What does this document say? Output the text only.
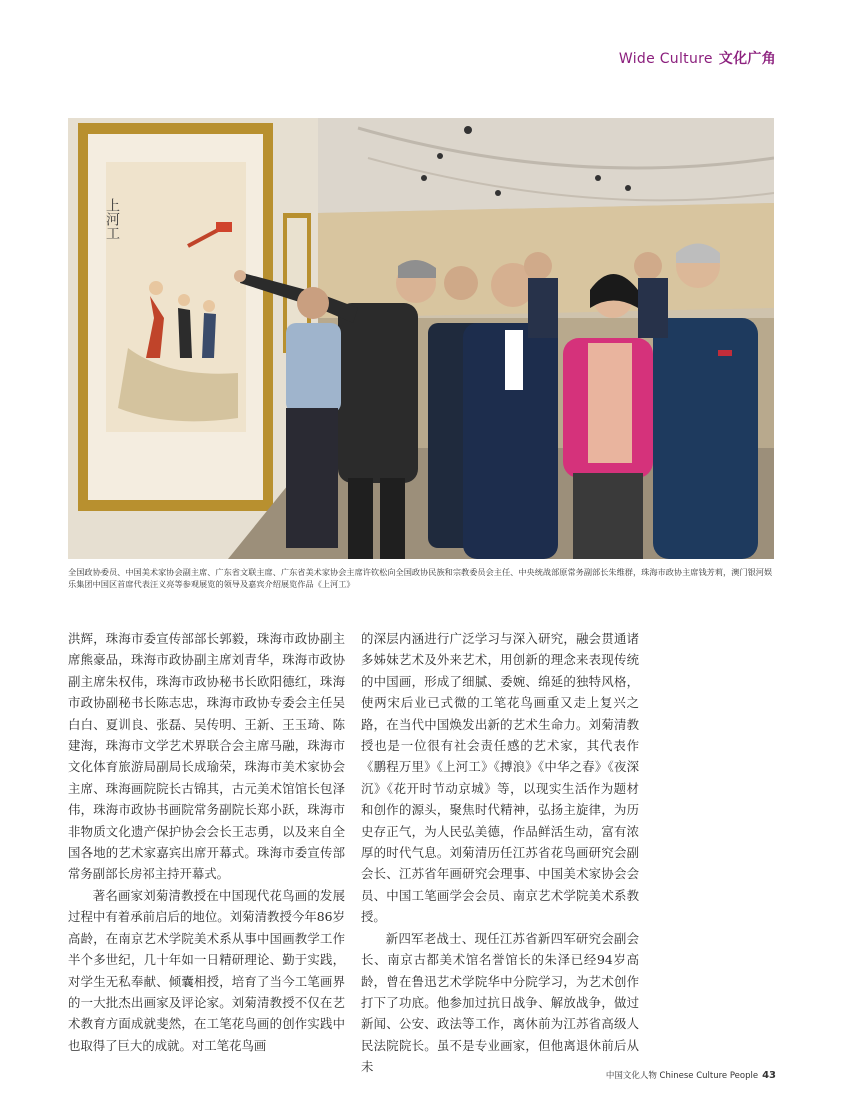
Wide Culture 文化广角
上河工
全国政协委员、中国美术家协会副主席、广东省文联主席、广东省美术家协会主席许钦松向全国政协民族和宗教委员会主任、中央统战部原常务副部长朱维群，珠海市政协主席钱芳莉，澳门银河娱乐集团中国区首席代表汪义亮等参观展览的领导及嘉宾介绍展览作品《上河工》

洪辉，珠海市委宣传部部长郭毅，珠海市政协副主席熊豪品，珠海市政协副主席刘青华，珠海市政协副主席朱权伟，珠海市政协秘书长欧阳德红，珠海市政协副秘书长陈志忠，珠海市政协专委会主任吴白白、夏训良、张磊、吴传明、王新、王玉琦、陈建海，珠海市文学艺术界联合会主席马融，珠海市文化体育旅游局副局长成瑜荣，珠海市美术家协会主席、珠海画院院长古锦其，古元美术馆馆长包泽伟，珠海市政协书画院常务副院长郑小跃，珠海市非物质文化遗产保护协会会长王志勇，以及来自全国各地的艺术家嘉宾出席开幕式。珠海市委宣传部常务副部长房祁主持开幕式。

著名画家刘菊清教授在中国现代花鸟画的发展过程中有着承前启后的地位。刘菊清教授今年86岁高龄，在南京艺术学院美术系从事中国画教学工作半个多世纪，几十年如一日精研理论、勤于实践，对学生无私奉献、倾囊相授，培育了当今工笔画界的一大批杰出画家及评论家。刘菊清教授不仅在艺术教育方面成就斐然，在工笔花鸟画的创作实践中也取得了巨大的成就。对工笔花鸟画

的深层内涵进行广泛学习与深入研究，融会贯通诸多姊妹艺术及外来艺术，用创新的理念来表现传统的中国画，形成了细腻、委婉、绵延的独特风格，使两宋后业已式微的工笔花鸟画重又走上复兴之路，在当代中国焕发出新的艺术生命力。刘菊清教授也是一位很有社会责任感的艺术家，其代表作《鹏程万里》《上河工》《搏浪》《中华之春》《夜深沉》《花开时节动京城》等，以现实生活作为题材和创作的源头，聚焦时代精神，弘扬主旋律，为历史存正气，为人民弘美德，作品鲜活生动，富有浓厚的时代气息。刘菊清历任江苏省花鸟画研究会副会长、江苏省年画研究会理事、中国美术家协会会员、中国工笔画学会会员、南京艺术学院美术系教授。

新四军老战士、现任江苏省新四军研究会副会长、南京古都美术馆名誉馆长的朱泽已经94岁高龄，曾在鲁迅艺术学院华中分院学习，为艺术创作打下了功底。他参加过抗日战争、解放战争，做过新闻、公安、政法等工作，离休前为江苏省高级人民法院院长。虽不是专业画家，但他离退休前后从未

中国文化人物 Chinese Culture People 43
